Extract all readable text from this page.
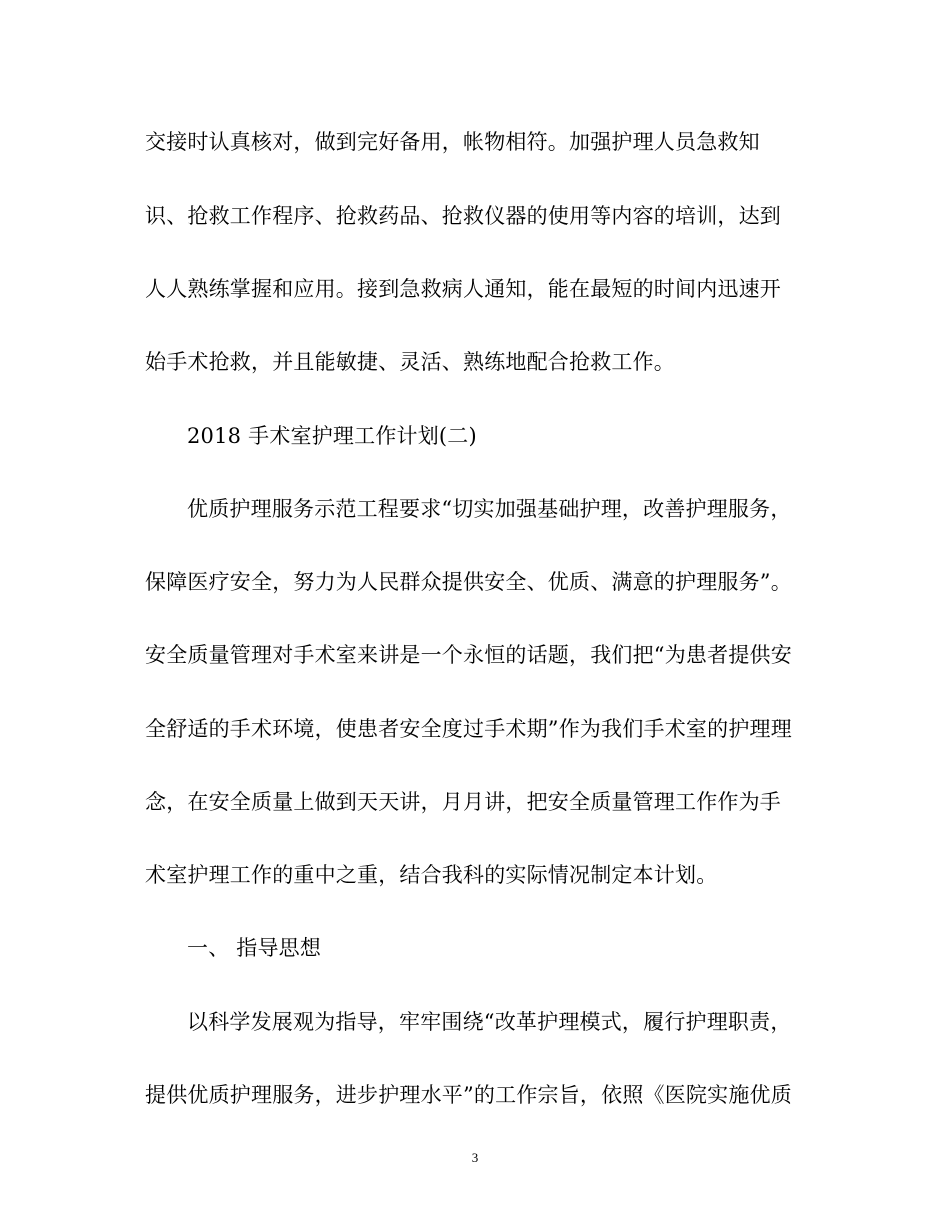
交接时认真核对，做到完好备用，帐物相符。加强护理人员急救知
识、抢救工作程序、抢救药品、抢救仪器的使用等内容的培训，达到
人人熟练掌握和应用。接到急救病人通知，能在最短的时间内迅速开
始手术抢救，并且能敏捷、灵活、熟练地配合抢救工作。
2018 手术室护理工作计划(二)
优质护理服务示范工程要求“切实加强基础护理，改善护理服务，
保障医疗安全，努力为人民群众提供安全、优质、满意的护理服务”。
安全质量管理对手术室来讲是一个永恒的话题，我们把“为患者提供安
全舒适的手术环境，使患者安全度过手术期”作为我们手术室的护理理
念，在安全质量上做到天天讲，月月讲，把安全质量管理工作作为手
术室护理工作的重中之重，结合我科的实际情况制定本计划。
一、 指导思想
以科学发展观为指导，牢牢围绕“改革护理模式，履行护理职责，
提供优质护理服务，进步护理水平”的工作宗旨，依照《医院实施优质
3
